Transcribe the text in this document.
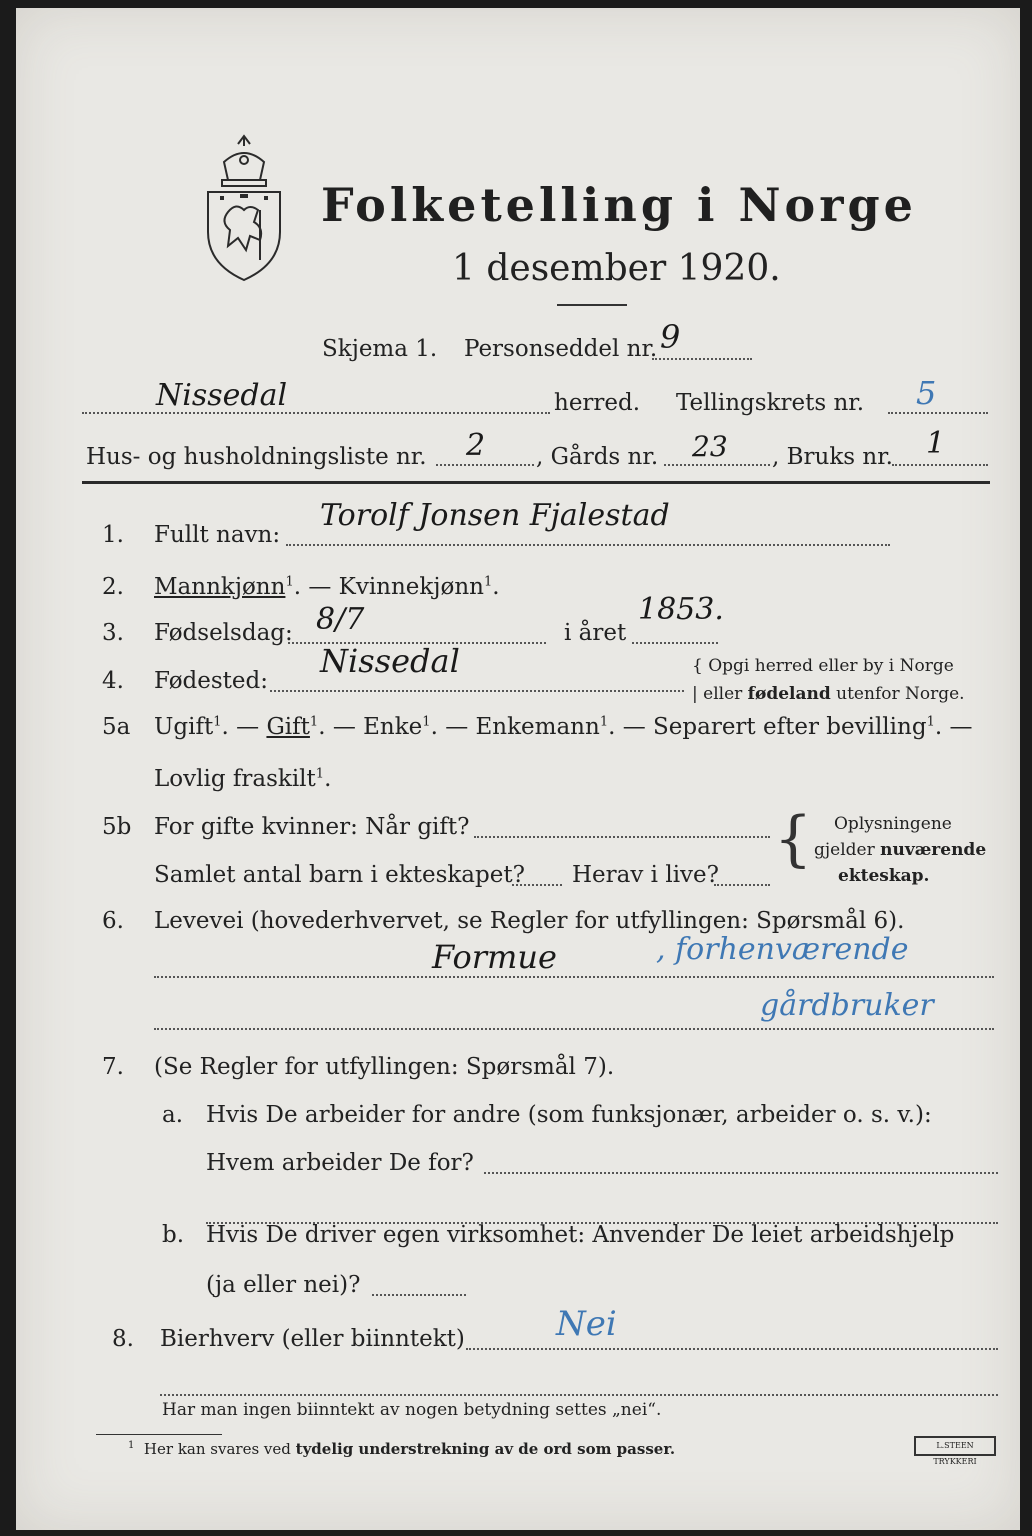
Folketelling i Norge
1 desember 1920.
Skjema 1. Personseddel nr. 9
Nissedal	herred. Tellingskrets nr. 5
Hus- og husholdningsliste nr. 2 , Gårds nr. 23 , Bruks nr. 1
1. Fullt navn:
Torolf Jonsen Fjalestad
2. Mannkjønn$^1$. — Kvinnekjønn$^1$.
3. Fødselsdag: 8/7	i året
1853.
4. Fødested:
Nissedal	{ Opgi herred eller by i Norge
| eller fødeland utenfor Norge.
5a Ugift$^1$. — Gift$^1$. — Enke$^1$. — Enkemann$^1$. — Separert efter bevilling$^1$. —
Lovlig fraskilt$^1$.
5b For gifte kvinner: Når gift?
Samlet antal barn i ekteskapet? Herav i live?
{ Oplysningene
gjelder nuværende
ekteskap.
6. Levevei (hovederhvervet, se Regler for utfyllingen: Spørsmål 6).
Formue	, forhenværende
gårdbruker
7. (Se Regler for utfyllingen: Spørsmål 7).
a. Hvis De arbeider for andre (som funksjonær, arbeider o. s. v.):
Hvem arbeider De for?
b. Hvis De driver egen virksomhet: Anvender De leiet arbeidshjelp
(ja eller nei)?
8. Bierhverv (eller biinntekt)	Nei
Har man ingen biinntekt av nogen betydning settes „nei“.
$^1$ Her kan svares ved tydelig understrekning av de ord som passer.	L.STEEN TRYKKERI
